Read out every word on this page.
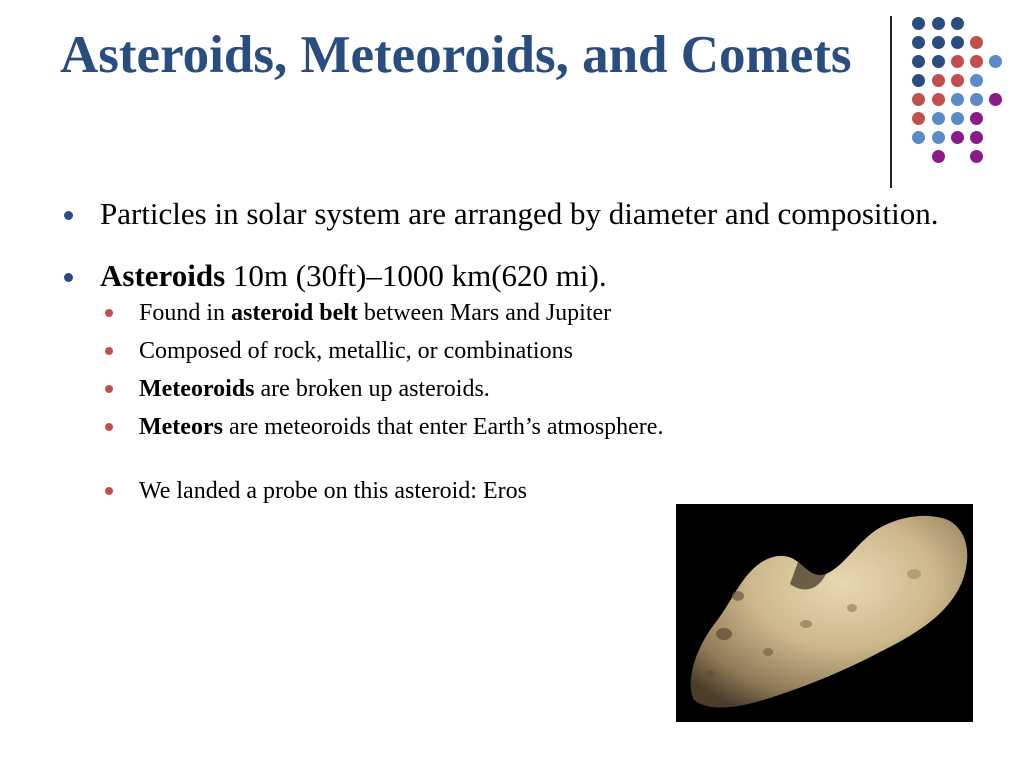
Asteroids, Meteoroids, and Comets
Particles in solar system are arranged by diameter and composition.
Asteroids 10m (30ft)–1000 km(620 mi).
Found in asteroid belt between Mars and Jupiter
Composed of rock, metallic, or combinations
Meteoroids are broken up asteroids.
Meteors are meteoroids that enter Earth’s atmosphere.
We landed a probe on this asteroid: Eros
